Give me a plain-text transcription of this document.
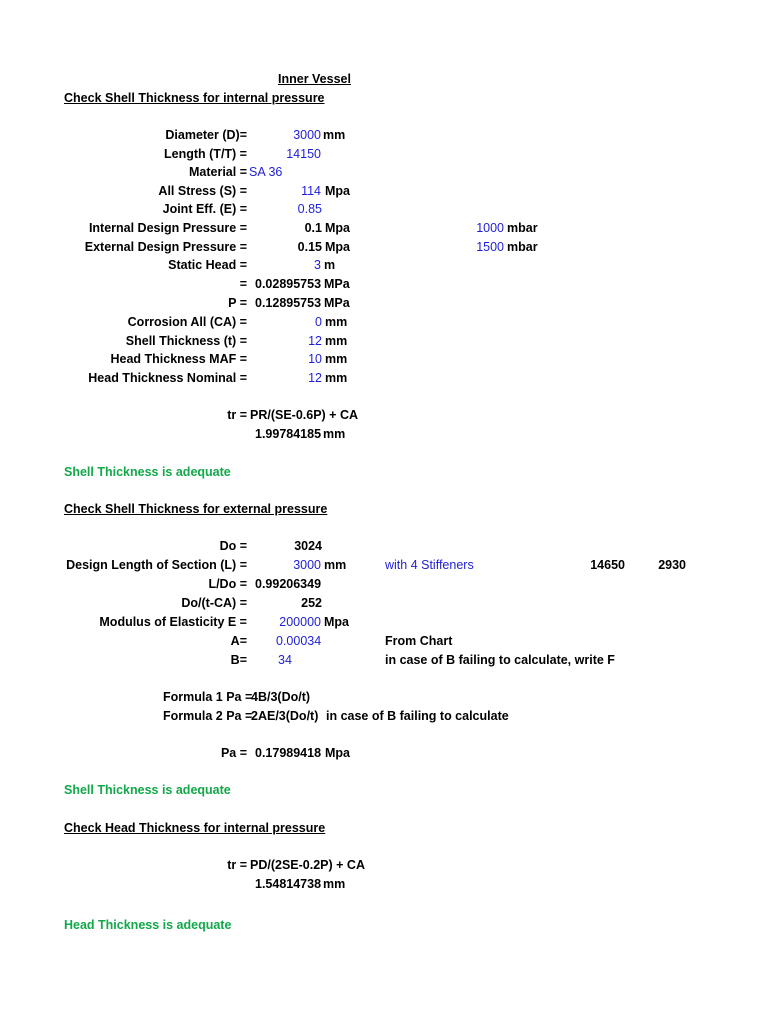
Inner Vessel
Check Shell Thickness for internal pressure
Diameter (D)=	3000 mm
Length (T/T) =	14150
Material = SA 36
All Stress (S) =	114 Mpa
Joint Eff. (E) =	0.85
Internal Design Pressure =	0.1 Mpa	1000 mbar
External Design Pressure =	0.15 Mpa	1500 mbar
Static Head =	3 m
= 0.02895753 MPa
P = 0.12895753 MPa
Corrosion All (CA) =	0 mm
Shell Thickness (t) =	12 mm
Head Thickness MAF =	10 mm
Head Thickness Nominal =	12 mm
tr = PR/(SE-0.6P) + CA
1.99784185 mm
Shell Thickness is adequate
Check Shell Thickness for external pressure
Do =	3024
Design Length of Section (L) =	3000 mm	with 4 Stiffeners	14650	2930
L/Do = 0.99206349
Do/(t-CA) =	252
Modulus of Elasticity E =	200000 Mpa
A= 0.00034	From Chart
B= 34	in case of B failing to calculate, write F
Formula 1 Pa =
4B/3(Do/t)
Formula 2 Pa =
2AE/3(Do/t) in case of B failing to calculate
Pa = 0.17989418 Mpa
Shell Thickness is adequate
Check Head Thickness for internal pressure
tr = PD/(2SE-0.2P) + CA
1.54814738 mm
Head Thickness is adequate
